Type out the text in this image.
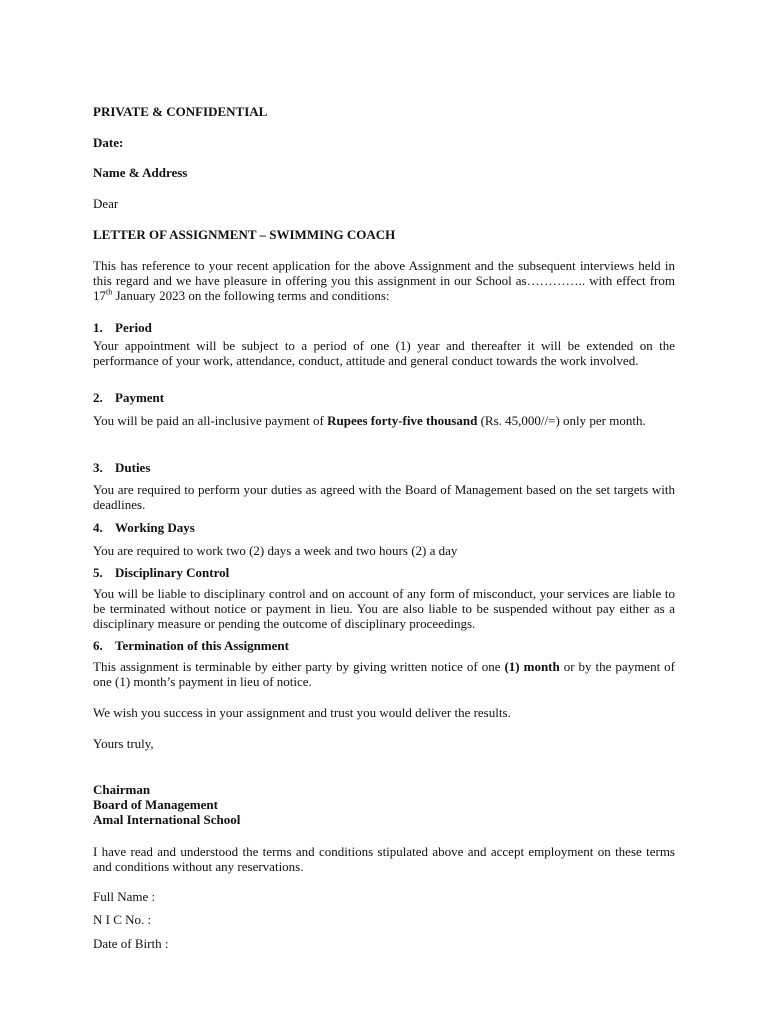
PRIVATE & CONFIDENTIAL

Date:

Name & Address

Dear

LETTER OF ASSIGNMENT – SWIMMING COACH

This has reference to your recent application for the above Assignment and the subsequent interviews held in this regard and we have pleasure in offering you this assignment in our School as………….. with effect from 17th January 2023 on the following terms and conditions:

1. Period

Your appointment will be subject to a period of one (1) year and thereafter it will be extended on the performance of your work, attendance, conduct, attitude and general conduct towards the work involved.

2. Payment

You will be paid an all-inclusive payment of Rupees forty-five thousand (Rs. 45,000//=) only per month.

3. Duties

You are required to perform your duties as agreed with the Board of Management based on the set targets with deadlines.

4. Working Days

You are required to work two (2) days a week and two hours (2) a day

5. Disciplinary Control

You will be liable to disciplinary control and on account of any form of misconduct, your services are liable to be terminated without notice or payment in lieu. You are also liable to be suspended without pay either as a disciplinary measure or pending the outcome of disciplinary proceedings.

6. Termination of this Assignment

This assignment is terminable by either party by giving written notice of one (1) month or by the payment of one (1) month’s payment in lieu of notice.

We wish you success in your assignment and trust you would deliver the results.

Yours truly,

Chairman

Board of Management

Amal International School

I have read and understood the terms and conditions stipulated above and accept employment on these terms and conditions without any reservations.

Full Name :

N I C No. :

Date of Birth :
